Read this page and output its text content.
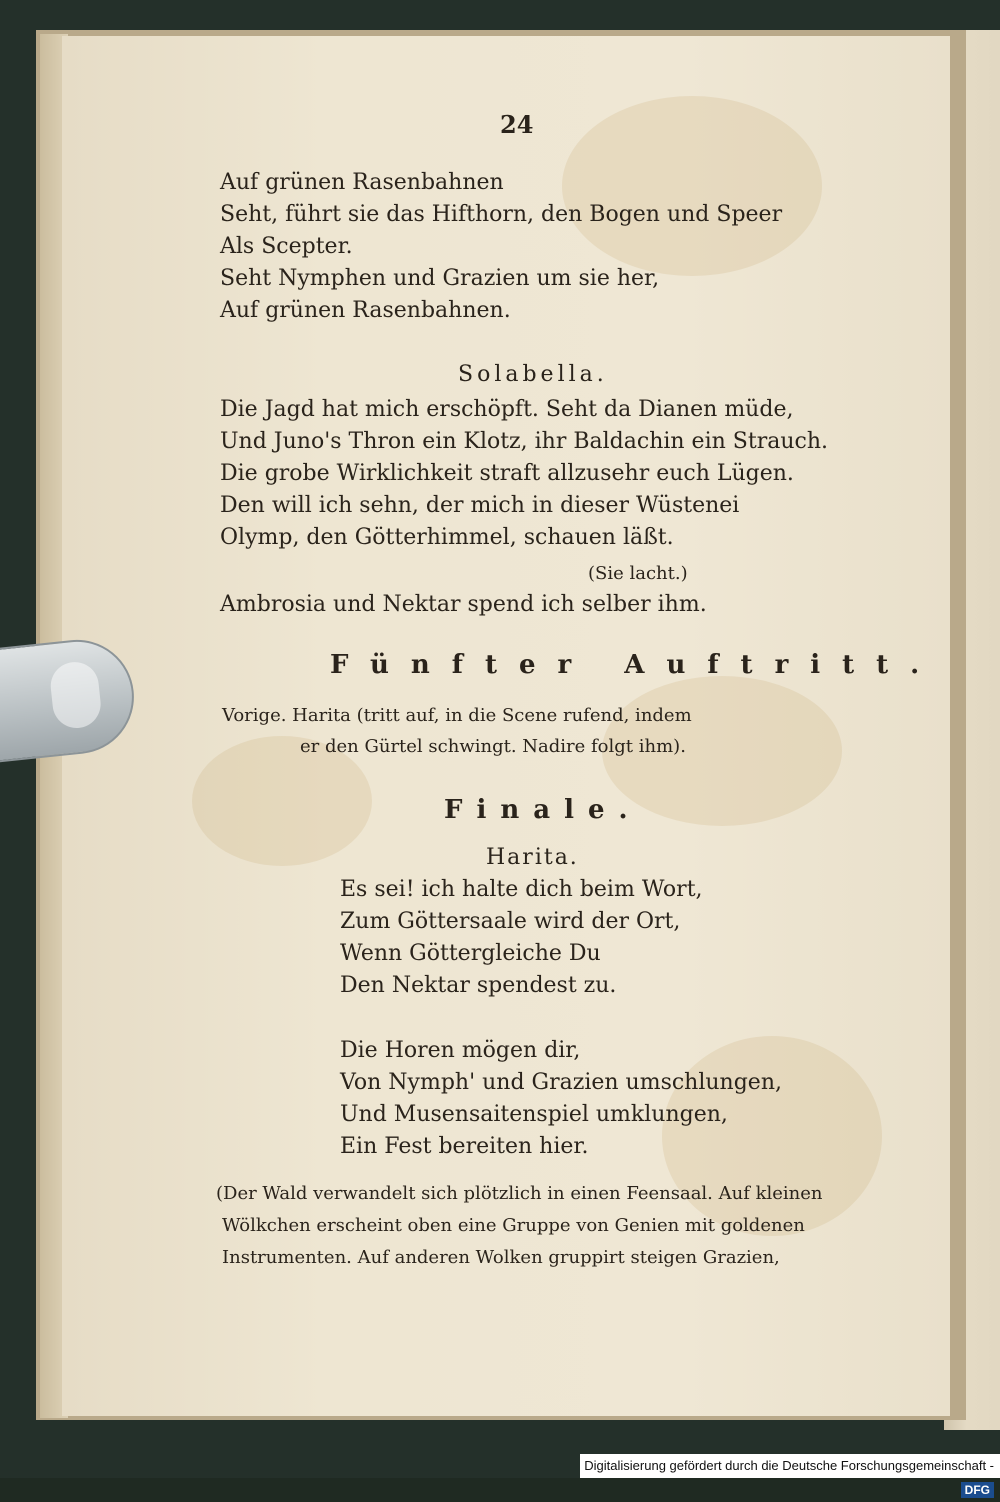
24
Auf grünen Rasenbahnen
Seht, führt sie das Hifthorn, den Bogen und Speer
Als Scepter.
Seht Nymphen und Grazien um sie her,
Auf grünen Rasenbahnen.
Solabella.
Die Jagd hat mich erschöpft. Seht da Dianen müde,
Und Juno's Thron ein Klotz, ihr Baldachin ein Strauch.
Die grobe Wirklichkeit straft allzusehr euch Lügen.
Den will ich sehn, der mich in dieser Wüstenei
Olymp, den Götterhimmel, schauen läßt.
(Sie lacht.)
Ambrosia und Nektar spend ich selber ihm.
Fünfter Auftritt.
Vorige. Harita (tritt auf, in die Scene rufend, indem
er den Gürtel schwingt. Nadire folgt ihm).
Finale.
Harita.
Es sei! ich halte dich beim Wort,
Zum Göttersaale wird der Ort,
Wenn Göttergleiche Du
Den Nektar spendest zu.
Die Horen mögen dir,
Von Nymph' und Grazien umschlungen,
Und Musensaitenspiel umklungen,
Ein Fest bereiten hier.
(Der Wald verwandelt sich plötzlich in einen Feensaal. Auf kleinen
Wölkchen erscheint oben eine Gruppe von Genien mit goldenen
Instrumenten. Auf anderen Wolken gruppirt steigen Grazien,
Digitalisierung gefördert durch die Deutsche Forschungsgemeinschaft -DFG
